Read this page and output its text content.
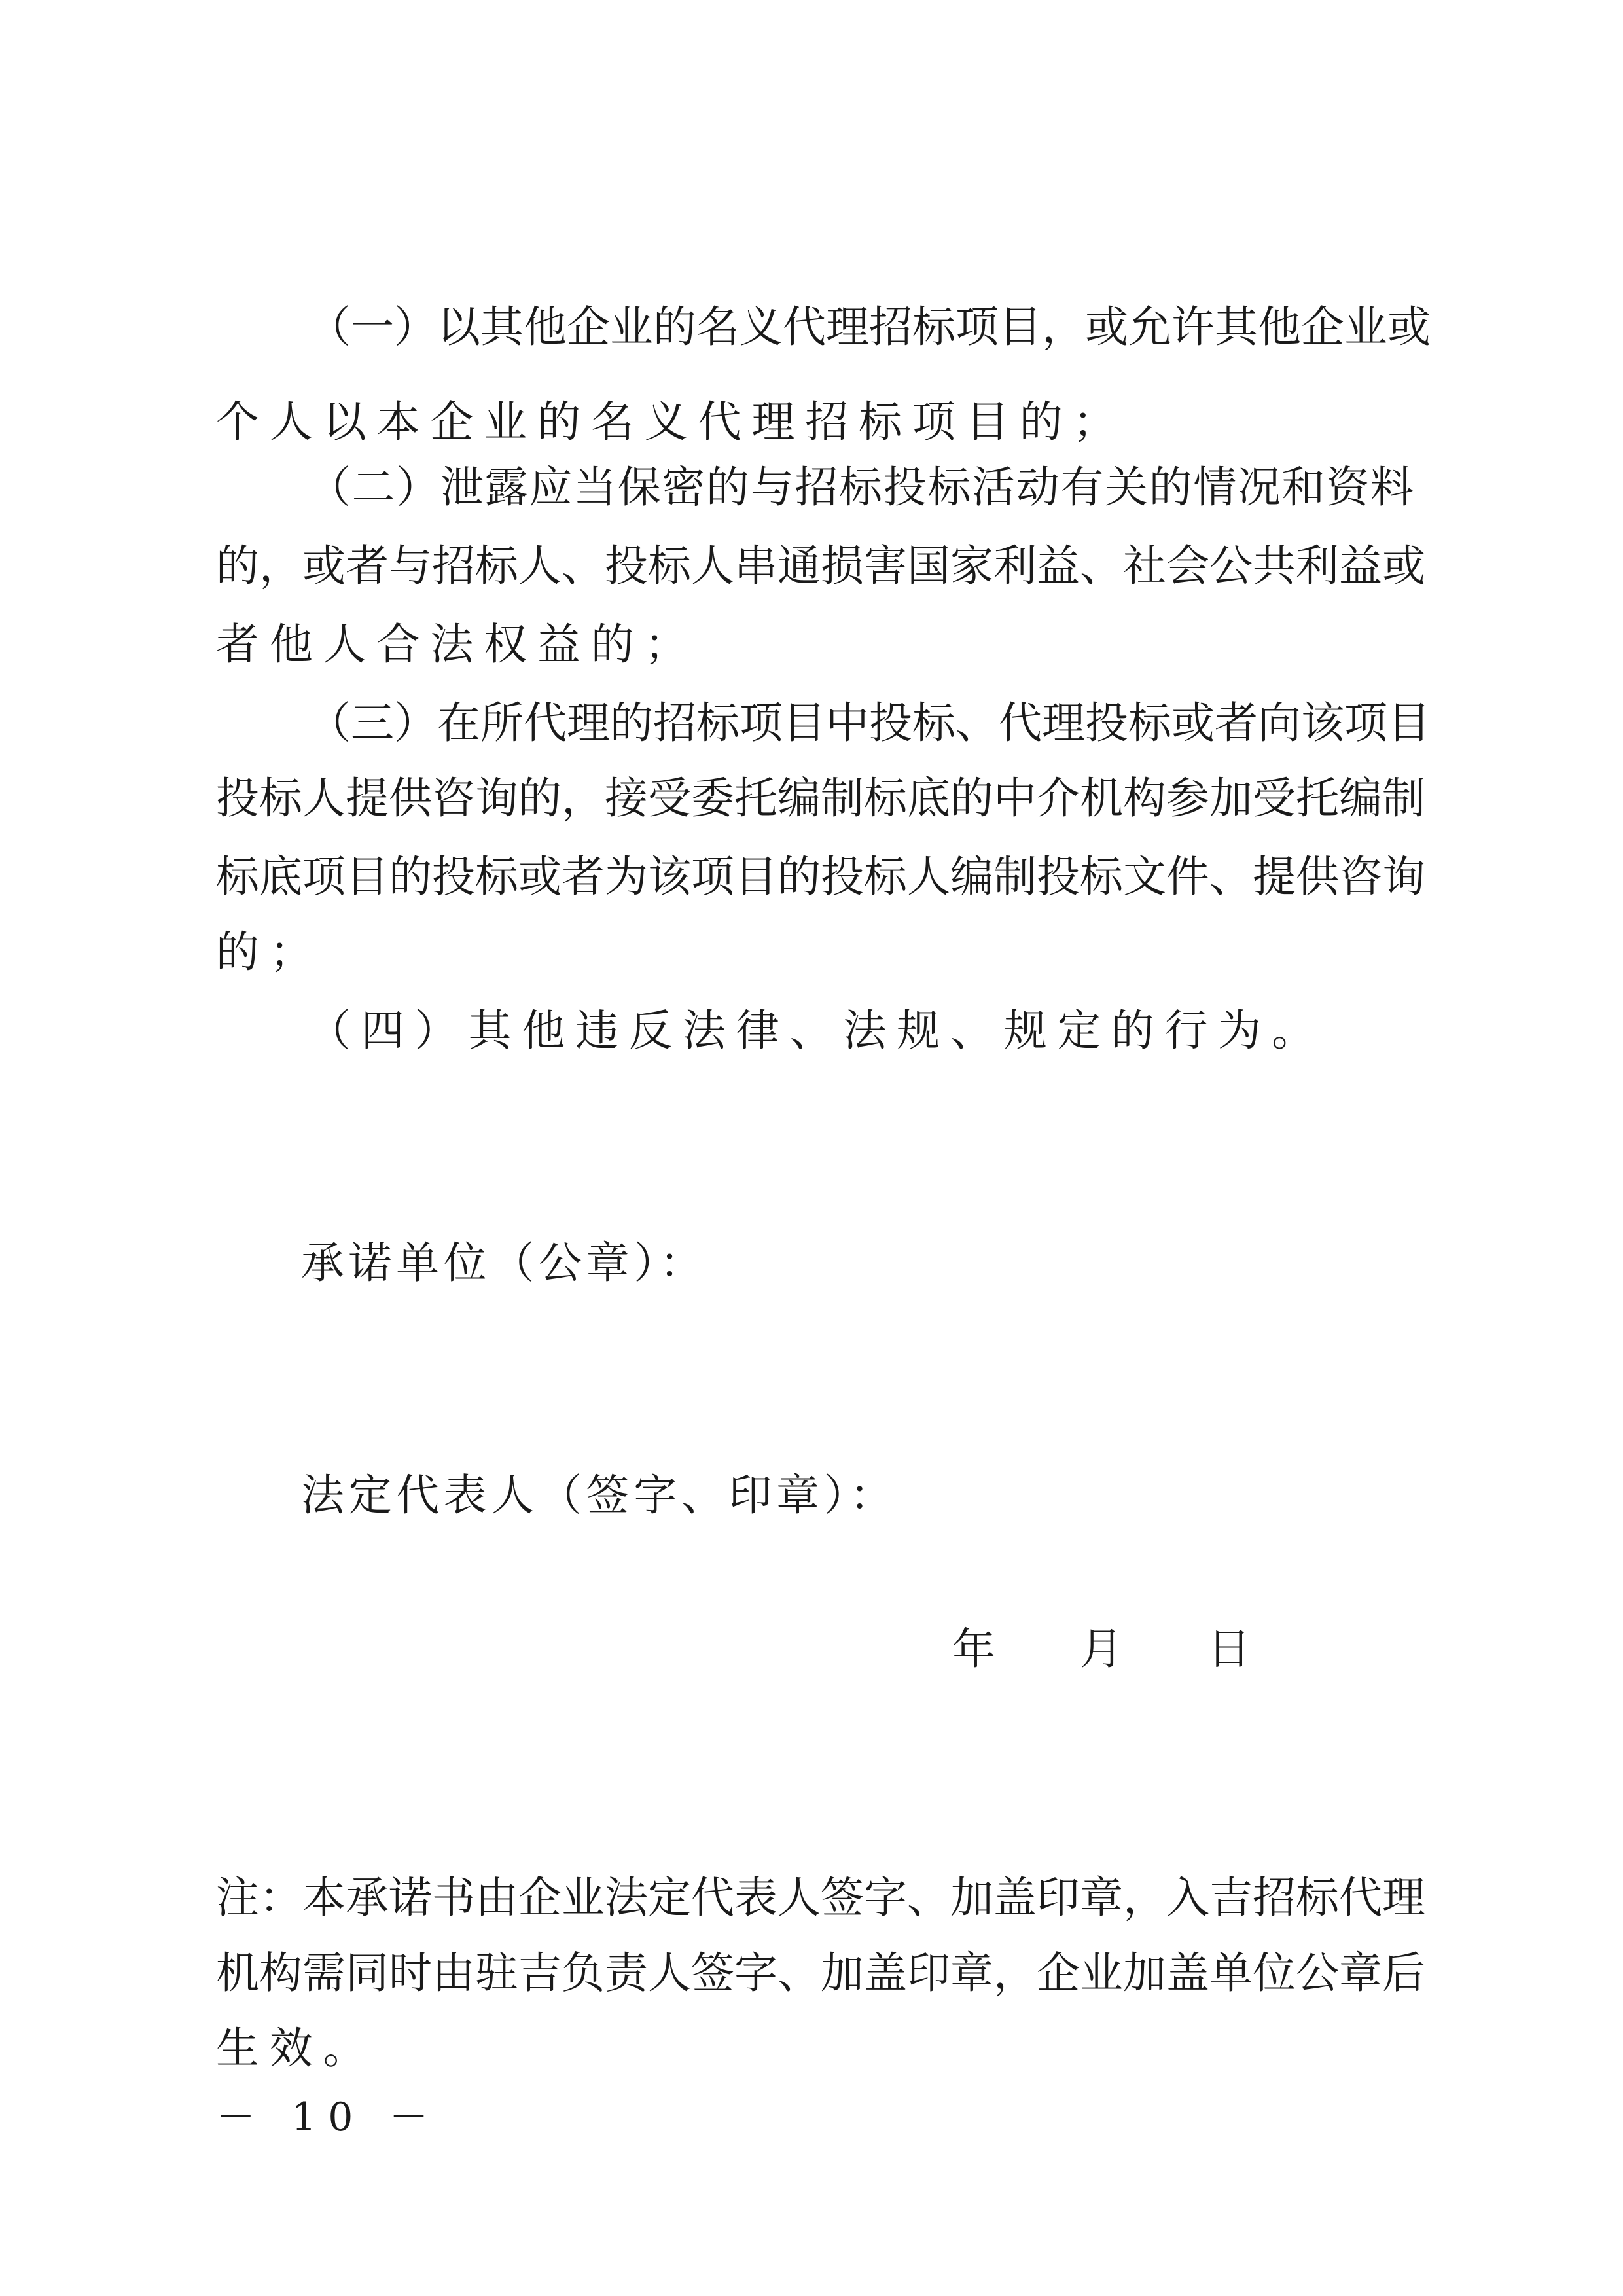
（一）以其他企业的名义代理招标项目，或允许其他企业或
个人以本企业的名义代理招标项目的；
（二）泄露应当保密的与招标投标活动有关的情况和资料
的，或者与招标人、投标人串通损害国家利益、社会公共利益或
者他人合法权益的；
（三）在所代理的招标项目中投标、代理投标或者向该项目
投标人提供咨询的，接受委托编制标底的中介机构参加受托编制
标底项目的投标或者为该项目的投标人编制投标文件、提供咨询
的；
（四）其他违反法律、法规、规定的行为。
承诺单位（公章）：
法定代表人（签字、印章）：
年 月 日
注：本承诺书由企业法定代表人签字、加盖印章，入吉招标代理
机构需同时由驻吉负责人签字、加盖印章，企业加盖单位公章后
生效。
－ 10 －
